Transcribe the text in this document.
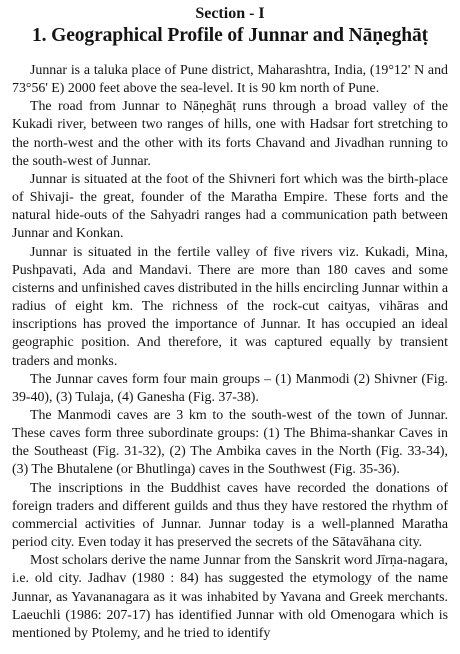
Section - I
1. Geographical Profile of Junnar and Nāṇeghāṭ

Junnar is a taluka place of Pune district, Maharashtra, India, (19°12' N and 73°56' E) 2000 feet above the sea-level. It is 90 km north of Pune.

The road from Junnar to Nāṇeghāṭ runs through a broad valley of the Kukadi river, between two ranges of hills, one with Hadsar fort stretching to the north-west and the other with its forts Chavand and Jivadhan running to the south-west of Junnar.

Junnar is situated at the foot of the Shivneri fort which was the birth-place of Shivaji- the great, founder of the Maratha Empire. These forts and the natural hide-outs of the Sahyadri ranges had a communication path between Junnar and Konkan.

Junnar is situated in the fertile valley of five rivers viz. Kukadi, Mina, Pushpavati, Ada and Mandavi. There are more than 180 caves and some cisterns and unfinished caves distributed in the hills encircling Junnar within a radius of eight km. The richness of the rock-cut caityas, vihāras and inscriptions has proved the importance of Junnar. It has occupied an ideal geographic position. And therefore, it was captured equally by transient traders and monks.

The Junnar caves form four main groups – (1) Manmodi (2) Shivner (Fig. 39-40), (3) Tulaja, (4) Ganesha (Fig. 37-38).

The Manmodi caves are 3 km to the south-west of the town of Junnar. These caves form three subordinate groups: (1) The Bhima-shankar Caves in the Southeast (Fig. 31-32), (2) The Ambika caves in the North (Fig. 33-34), (3) The Bhutalene (or Bhutlinga) caves in the Southwest (Fig. 35-36).

The inscriptions in the Buddhist caves have recorded the donations of foreign traders and different guilds and thus they have restored the rhythm of commercial activities of Junnar. Junnar today is a well-planned Maratha period city. Even today it has preserved the secrets of the Sātavāhana city.

Most scholars derive the name Junnar from the Sanskrit word Jīrṇa-nagara, i.e. old city. Jadhav (1980 : 84) has suggested the etymology of the name Junnar, as Yavananagara as it was inhabited by Yavana and Greek merchants. Laeuchli (1986: 207-17) has identified Junnar with old Omenogara which is mentioned by Ptolemy, and he tried to identify
